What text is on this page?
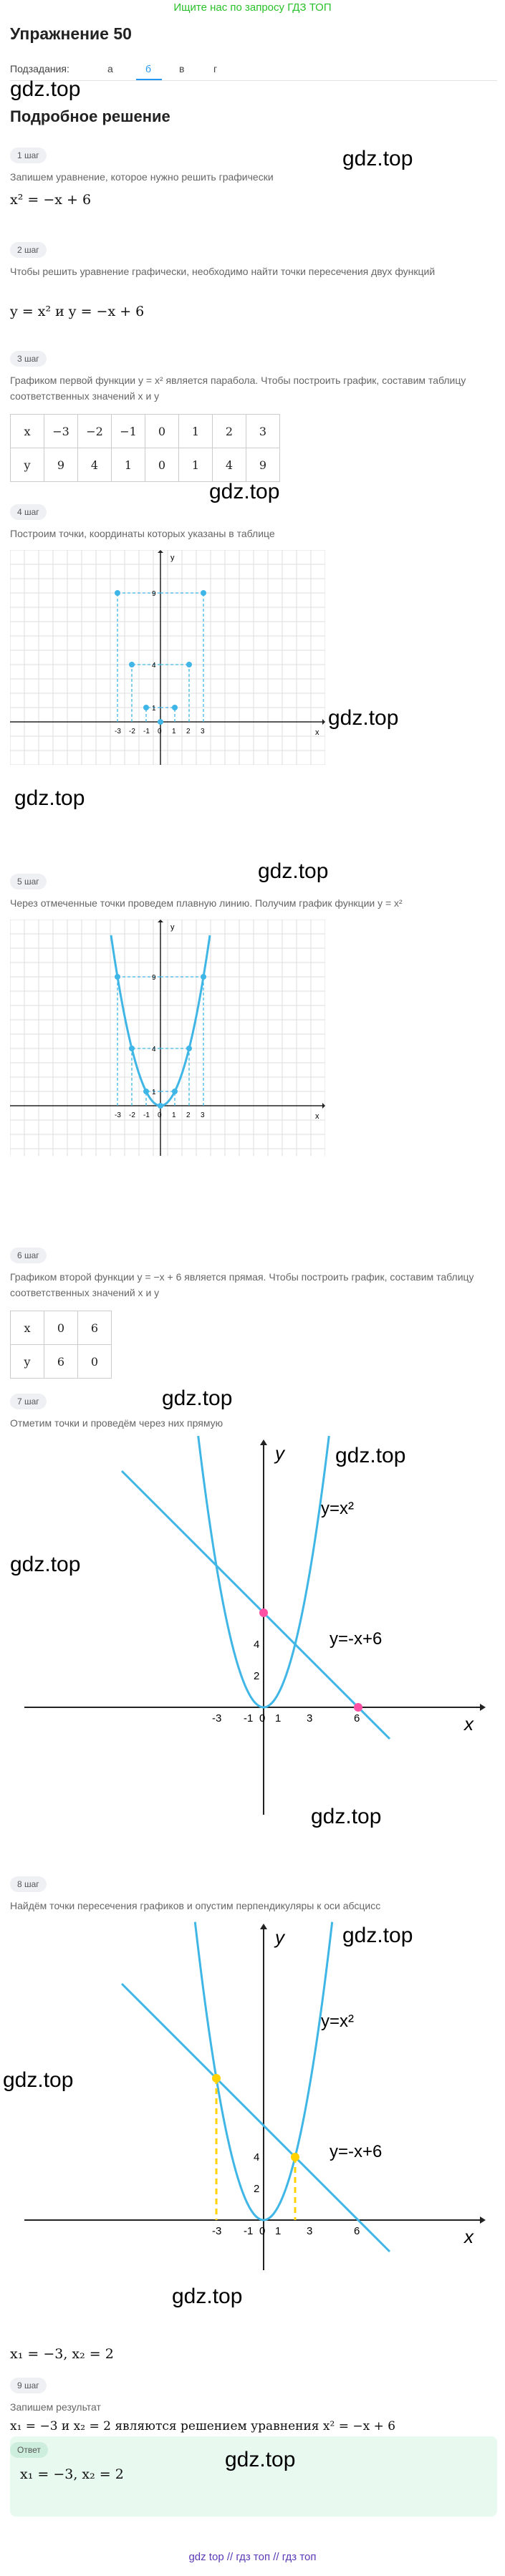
Ищите нас по запросу ГДЗ ТОП
Упражнение 50
Подзадания:	а	б	в	г
gdz.top
Подробное решение
gdz.top
1 шаг
Запишем уравнение, которое нужно решить графически
x² = −x + 6
2 шаг
Чтобы решить уравнение графически, необходимо найти точки пересечения двух функций
y = x² и y = −x + 6
3 шаг
Графиком первой функции y = x² является парабола. Чтобы построить график, составим таблицу соответственных значений x и y
x	−3	−2	−1	0	1	2	3
y	9	4	1	0	1	4	9
gdz.top
4 шаг
Построим точки, координаты которых указаны в таблице
y
x
-3 -2 -1 0 1 2 3
1
4
9
gdz.top
gdz.top
gdz.top
5 шаг
Через отмеченные точки проведем плавную линию. Получим график функции y = x²
y
x
-3 -2 -1 0 1 2 3
1
4
9
6 шаг
Графиком второй функции y = −x + 6 является прямая. Чтобы построить график, составим таблицу соответственных значений x и y
x	0	6
y	6	0
7 шаг	gdz.top
Отметим точки и проведём через них прямую
y
x
-3 -1 0 1 3	6
2
4
y=x²
y=-x+6
gdz.top
gdz.top
gdz.top
8 шаг
Найдём точки пересечения графиков и опустим перпендикуляры к оси абсцисс
y
x
-3 -1 0 1 3	6
2
4
y=x²
y=-x+6
gdz.top
gdz.top
gdz.top
x₁ = −3, x₂ = 2
9 шаг
Запишем результат
x₁ = −3 и x₂ = 2 являются решением уравнения x² = −x + 6
Ответ
x₁ = −3, x₂ = 2
gdz.top
gdz top // гдз топ // гдз топ
